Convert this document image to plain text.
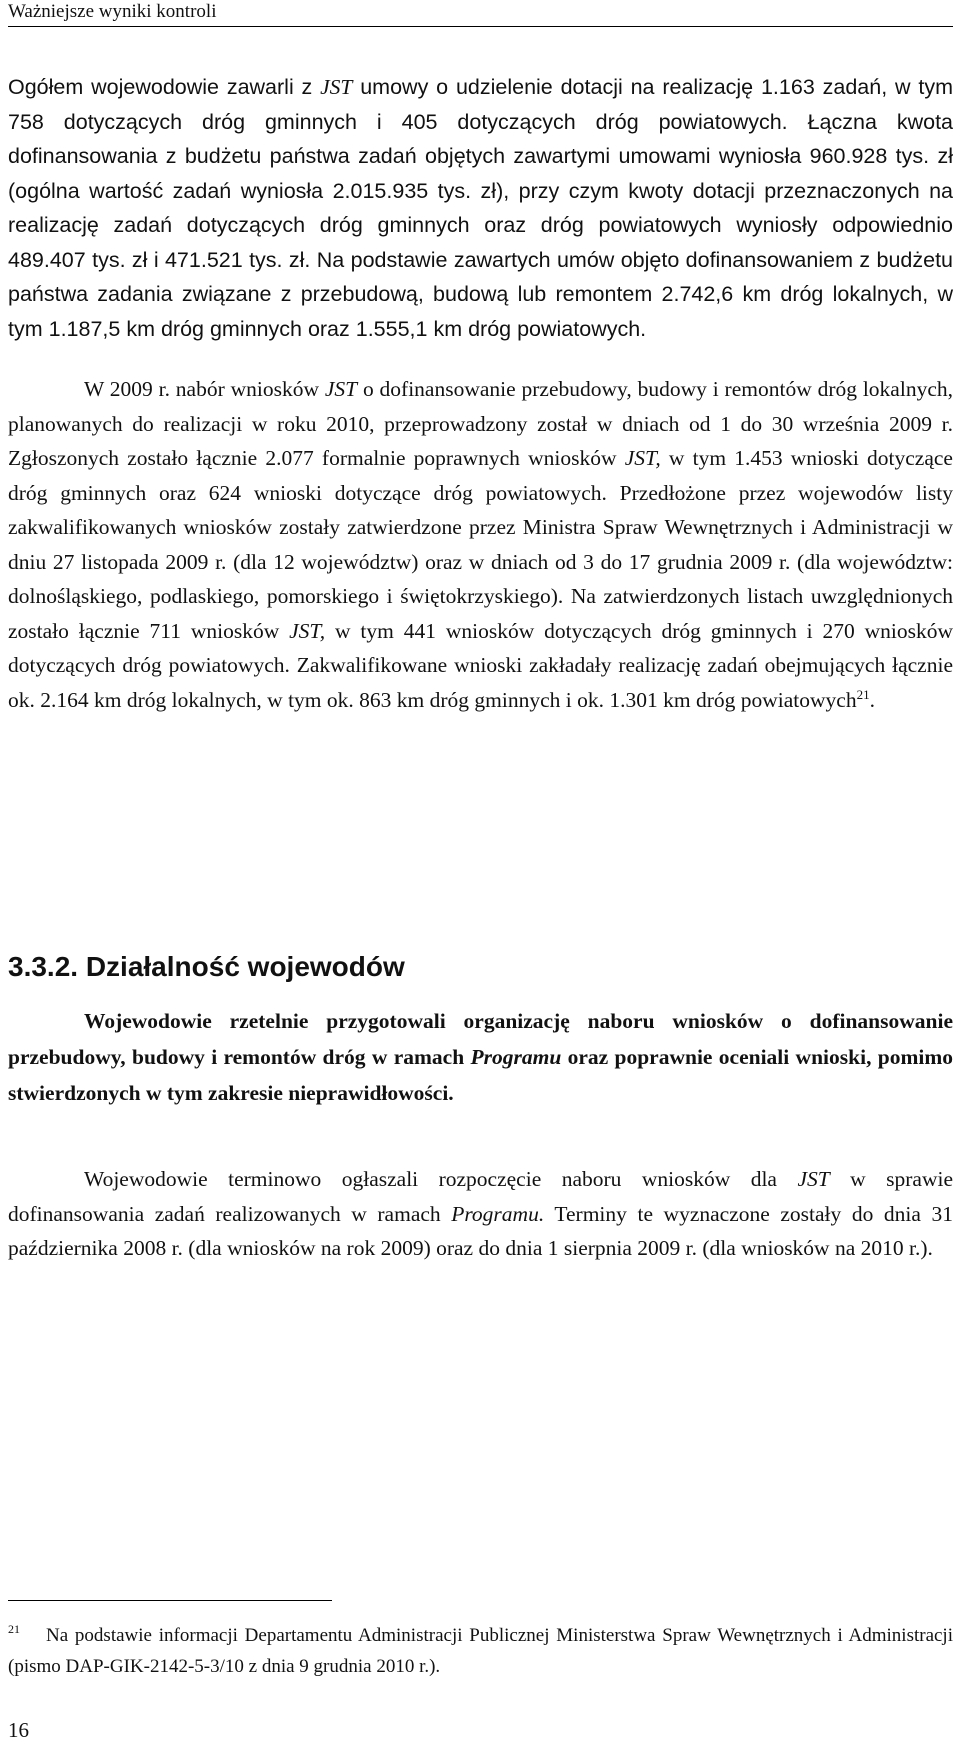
Ważniejsze wyniki kontroli

Ogółem wojewodowie zawarli z JST umowy o udzielenie dotacji na realizację 1.163 zadań, w tym 758 dotyczących dróg gminnych i 405 dotyczących dróg powiatowych. Łączna kwota dofinansowania z budżetu państwa zadań objętych zawartymi umowami wyniosła 960.928 tys. zł (ogólna wartość zadań wyniosła 2.015.935 tys. zł), przy czym kwoty dotacji przeznaczonych na realizację zadań dotyczących dróg gminnych oraz dróg powiatowych wyniosły odpowiednio 489.407 tys. zł i 471.521 tys. zł. Na podstawie zawartych umów objęto dofinansowaniem z budżetu państwa zadania związane z przebudową, budową lub remontem 2.742,6 km dróg lokalnych, w tym 1.187,5 km dróg gminnych oraz 1.555,1 km dróg powiatowych.

W 2009 r. nabór wniosków JST o dofinansowanie przebudowy, budowy i remontów dróg lokalnych, planowanych do realizacji w roku 2010, przeprowadzony został w dniach od 1 do 30 września 2009 r. Zgłoszonych zostało łącznie 2.077 formalnie poprawnych wniosków JST, w tym 1.453 wnioski dotyczące dróg gminnych oraz 624 wnioski dotyczące dróg powiatowych. Przedłożone przez wojewodów listy zakwalifikowanych wniosków zostały zatwierdzone przez Ministra Spraw Wewnętrznych i Administracji w dniu 27 listopada 2009 r. (dla 12 województw) oraz w dniach od 3 do 17 grudnia 2009 r. (dla województw: dolnośląskiego, podlaskiego, pomorskiego i świętokrzyskiego). Na zatwierdzonych listach uwzględnionych zostało łącznie 711 wniosków JST, w tym 441 wniosków dotyczących dróg gminnych i 270 wniosków dotyczących dróg powiatowych. Zakwalifikowane wnioski zakładały realizację zadań obejmujących łącznie ok. 2.164 km dróg lokalnych, w tym ok. 863 km dróg gminnych i ok. 1.301 km dróg powiatowych$^{21}$.

3.3.2. Działalność wojewodów

Wojewodowie rzetelnie przygotowali organizację naboru wniosków o dofinansowanie przebudowy, budowy i remontów dróg w ramach Programu oraz poprawnie oceniali wnioski, pomimo stwierdzonych w tym zakresie nieprawidłowości.

Wojewodowie terminowo ogłaszali rozpoczęcie naboru wniosków dla JST w sprawie dofinansowania zadań realizowanych w ramach Programu. Terminy te wyznaczone zostały do dnia 31 października 2008 r. (dla wniosków na rok 2009) oraz do dnia 1 sierpnia 2009 r. (dla wniosków na 2010 r.).

$^{21}$ Na podstawie informacji Departamentu Administracji Publicznej Ministerstwa Spraw Wewnętrznych i Administracji (pismo DAP-GIK-2142-5-3/10 z dnia 9 grudnia 2010 r.).
16
